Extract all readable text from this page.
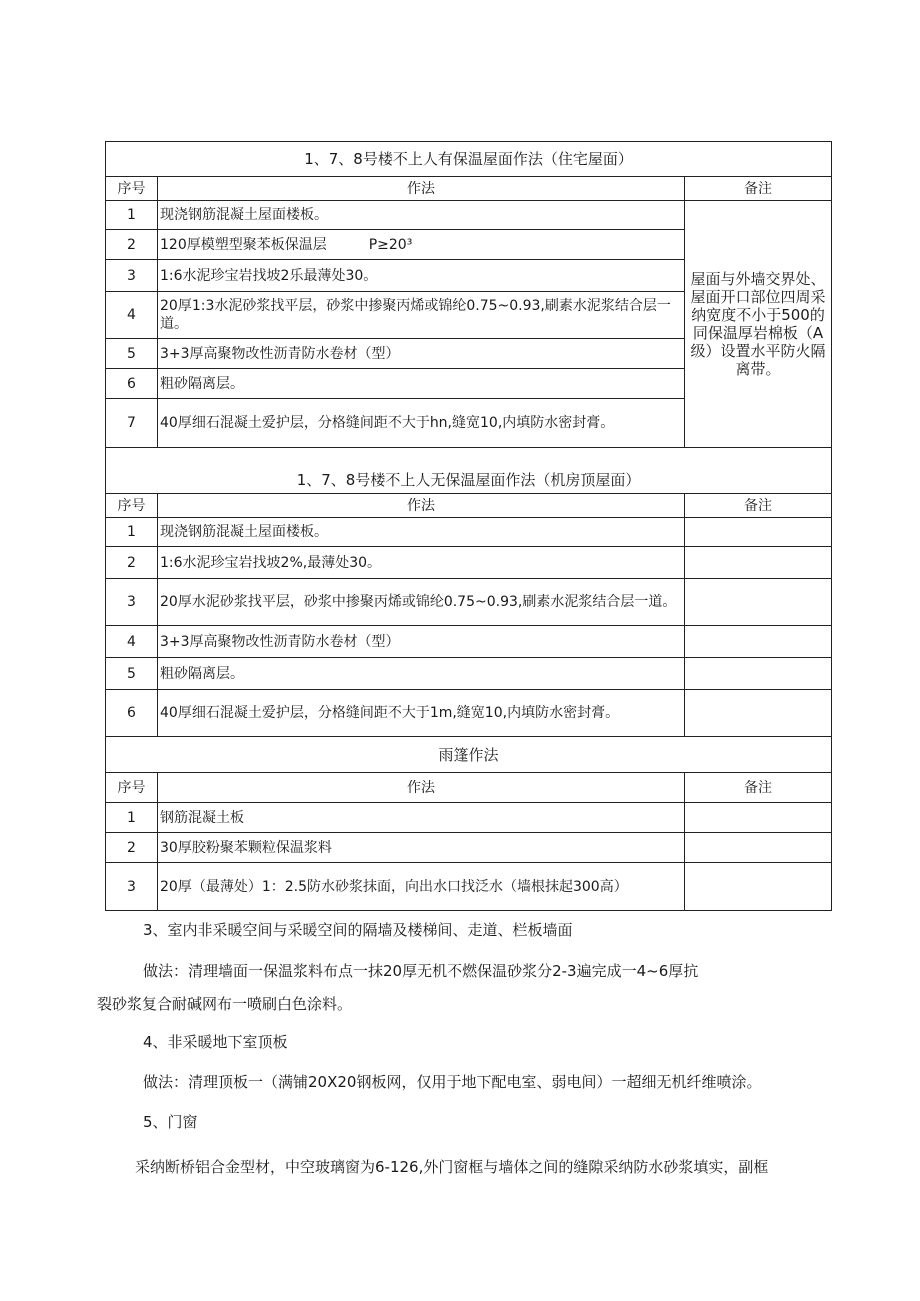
1、7、8号楼不上人有保温屋面作法（住宅屋面）		
序号	作法	备注
1	现浇钢筋混凝土屋面楼板。	屋面与外墙交界处、屋面开口部位四周采纳宽度不小于500的同保温厚岩棉板（A级）设置水平防火隔离带。
2	120厚模塑型聚苯板保温层　　　P≥20³	
3	1:6水泥珍宝岩找坡2乐最薄处30。	
4	20厚1:3水泥砂浆找平层，砂浆中掺聚丙烯或锦纶0.75~0.93,刷素水泥浆结合层一道。	
5	3+3厚高聚物改性沥青防水卷材（型）	
6	粗砂隔离层。	
7	40厚细石混凝土爱护层，分格缝间距不大于hn,缝宽10,内填防水密封膏。	
1、7、8号楼不上人无保温屋面作法（机房顶屋面）		
序号	作法	备注
1	现浇钢筋混凝土屋面楼板。	
2	1:6水泥珍宝岩找坡2%,最薄处30。	
3	20厚水泥砂浆找平层，砂浆中掺聚丙烯或锦纶0.75~0.93,刷素水泥浆结合层一道。	
4	3+3厚高聚物改性沥青防水卷材（型）	
5	粗砂隔离层。	
6	40厚细石混凝土爱护层，分格缝间距不大于1m,缝宽10,内填防水密封膏。	
雨篷作法		
序号	作法	备注
1	钢筋混凝土板	
2	30厚胶粉聚苯颗粒保温浆料	
3	20厚（最薄处）1：2.5防水砂浆抹面，向出水口找泛水（墙根抹起300高）	
3、室内非采暖空间与采暖空间的隔墙及楼梯间、走道、栏板墙面
做法：清理墙面一保温浆料布点一抹20厚无机不燃保温砂浆分2-3遍完成一4~6厚抗
裂砂浆复合耐碱网布一喷刷白色涂料。
4、非采暖地下室顶板
做法：清理顶板一（满铺20X20钢板网，仅用于地下配电室、弱电间）一超细无机纤维喷涂。
5、门窗
采纳断桥铝合金型材，中空玻璃窗为6-126,外门窗框与墙体之间的缝隙采纳防水砂浆填实，副框
